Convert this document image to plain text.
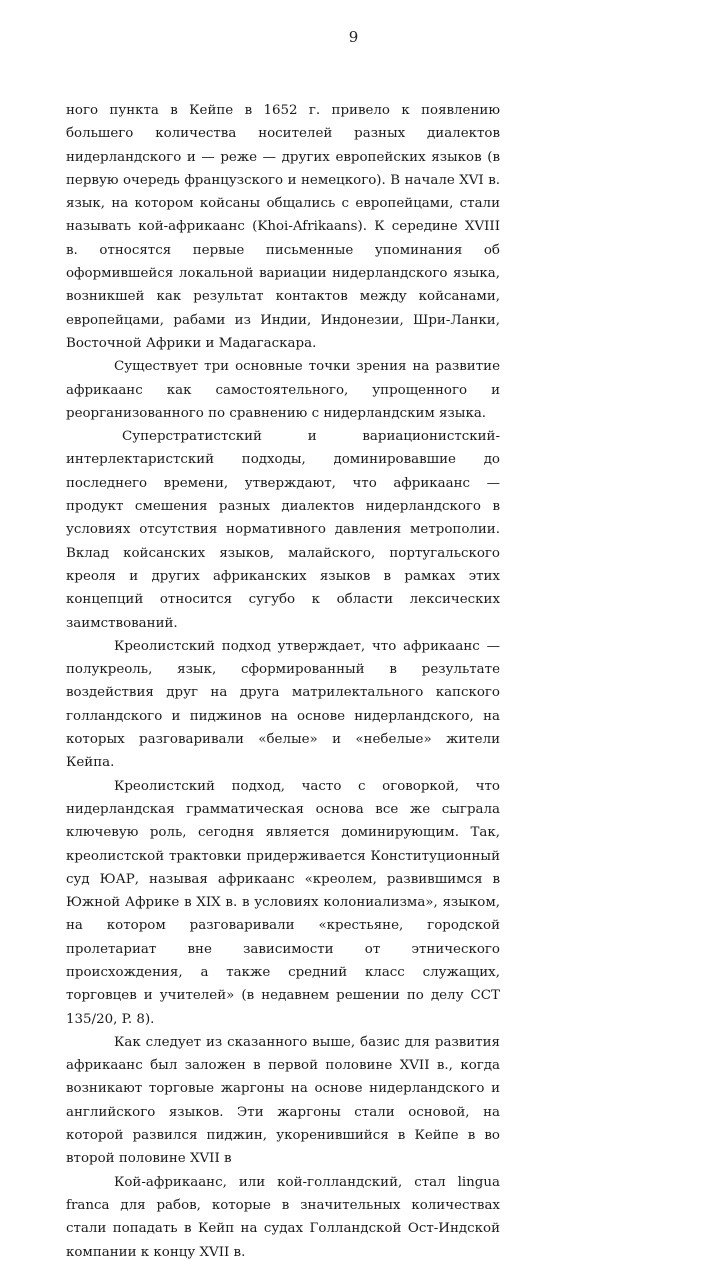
9

ного пункта в Кейпе в 1652 г. привело к появлению большего количества носителей разных диалектов нидерландского и — реже — других европейских языков (в первую очередь французского и немецкого). В начале XVI в. язык, на котором койсаны общались с европейцами, стали называть кой-африкаанс (Khoi-Afrikaans). К середине XVIII в. относятся первые письменные упоминания об оформившейся локальной вариации нидерландского языка, возникшей как результат контактов между койсанами, европейцами, рабами из Индии, Индонезии, Шри-Ланки, Восточной Африки и Мадагаскара.

Существует три основные точки зрения на развитие африкаанс как самостоятельного, упрощенного и реорганизованного по сравнению с нидерландским языка.

Суперстратистский и вариационистский-интерлектаристский подходы, доминировавшие до последнего времени, утверждают, что африкаанс — продукт смешения разных диалектов нидерландского в условиях отсутствия нормативного давления метрополии. Вклад койсанских языков, малайского, португальского креоля и других африканских языков в рамках этих концепций относится сугубо к области лексических заимствований.

Креолистский подход утверждает, что африкаанс — полукреоль, язык, сформированный в результате воздействия друг на друга матрилектального капского голландского и пиджинов на основе нидерландского, на которых разговаривали «белые» и «небелые» жители Кейпа.

Креолистский подход, часто с оговоркой, что нидерландская грамматическая основа все же сыграла ключевую роль, сегодня является доминирующим. Так, креолистской трактовки придерживается Конституционный суд ЮАР, называя африкаанс «креолем, развившимся в Южной Африке в XIX в. в условиях колониализма», языком, на котором разговаривали «крестьяне, городской пролетариат вне зависимости от этнического происхождения, а также средний класс служащих, торговцев и учителей» (в недавнем решении по делу CCT 135/20, P. 8).

Как следует из сказанного выше, базис для развития африкаанс был заложен в первой половине XVII в., когда возникают торговые жаргоны на основе нидерландского и английского языков. Эти жаргоны стали основой, на которой развился пиджин, укоренившийся в Кейпе в во второй половине XVII в

Кой-африкаанс, или кой-голландский, стал lingua franca для рабов, которые в значительных количествах стали попадать в Кейп на судах Голландской Ост-Индской компании к концу XVII в.
